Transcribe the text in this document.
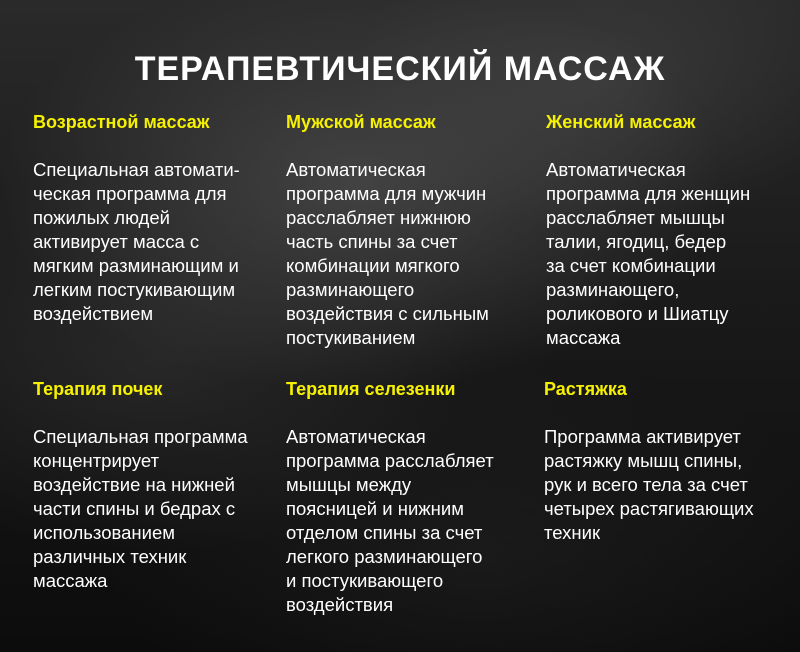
ТЕРАПЕВТИЧЕСКИЙ МАССАЖ
Возрастной массаж
Специальная автомати-
ческая программа для
пожилых людей
активирует масса с
мягким разминающим и
легким постукивающим
воздействием
Мужской массаж
Автоматическая
программа для мужчин
расслабляет нижнюю
часть спины за счет
комбинации мягкого
разминающего
воздействия с сильным
постукиванием
Женский массаж
Автоматическая
программа для женщин
расслабляет мышцы
талии, ягодиц, бедер
за счет комбинации
разминающего,
роликового и Шиатцу
массажа
Терапия почек
Специальная программа
концентрирует
воздействие на нижней
части спины и бедрах с
использованием
различных техник
массажа
Терапия селезенки
Автоматическая
программа расслабляет
мышцы между
поясницей и нижним
отделом спины за счет
легкого разминающего
и постукивающего
воздействия
Растяжка
Программа активирует
растяжку мышц спины,
рук и всего тела за счет
четырех растягивающих
техник
